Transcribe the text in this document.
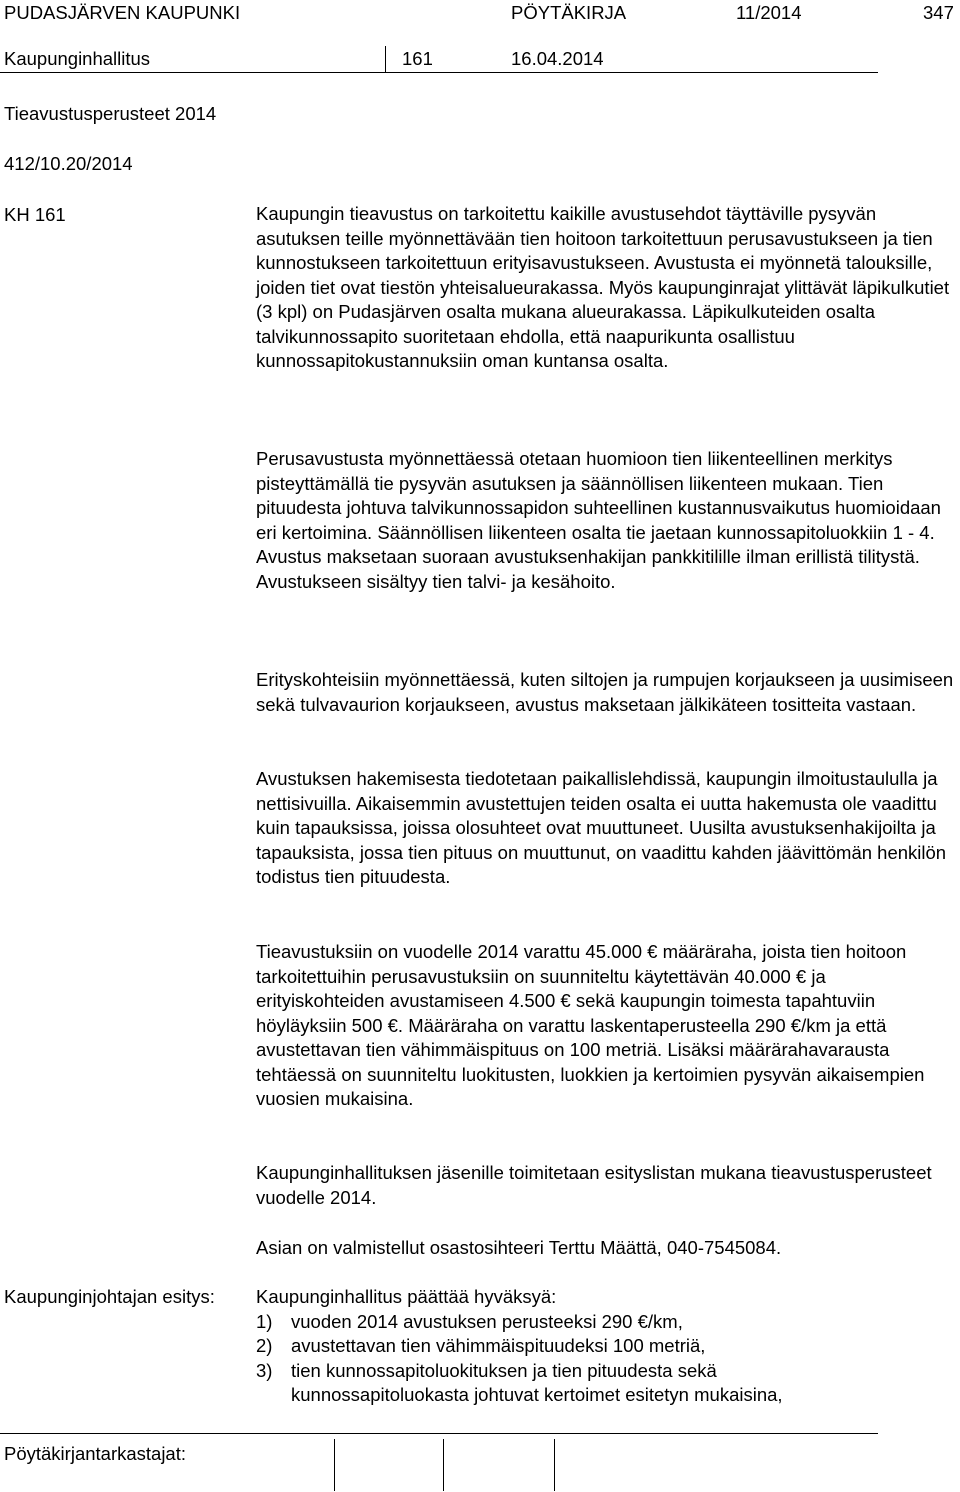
PUDASJÄRVEN KAUPUNKI	PÖYTÄKIRJA	11/2014	347
Kaupunginhallitus	161	16.04.2014
Tieavustusperusteet 2014
412/10.20/2014
KH 161	Kaupungin tieavustus on tarkoitettu kaikille avustusehdot täyttäville pysyvän asutuksen teille myönnettävään tien hoitoon tarkoitettuun perusavustukseen ja tien kunnostukseen tarkoitettuun erityisavustukseen. Avustusta ei myönnetä talouksille, joiden tiet ovat tiestön yhteisalueurakassa. Myös kaupunginrajat ylittävät läpikulkutiet (3 kpl) on Pudasjärven osalta mukana alueurakassa. Läpikulkuteiden osalta talvikunnossapito suoritetaan ehdolla, että naapurikunta osallistuu kunnossapitokustannuksiin oman kuntansa osalta.

Perusavustusta myönnettäessä otetaan huomioon tien liikenteellinen merkitys pisteyttämällä tie pysyvän asutuksen ja säännöllisen liikenteen mukaan. Tien pituudesta johtuva talvikunnossapidon suhteellinen kustannusvaikutus huomioidaan eri kertoimina. Säännöllisen liikenteen osalta tie jaetaan kunnossapitoluokkiin 1 - 4. Avustus maksetaan suoraan avustuksenhakijan pankkitilille ilman erillistä tilitystä. Avustukseen sisältyy tien talvi- ja kesähoito.

Erityskohteisiin myönnettäessä, kuten siltojen ja rumpujen korjaukseen ja uusimiseen sekä tulvavaurion korjaukseen, avustus maksetaan jälkikäteen tositteita vastaan.

Avustuksen hakemisesta tiedotetaan paikallislehdissä, kaupungin ilmoitustaululla ja nettisivuilla. Aikaisemmin avustettujen teiden osalta ei uutta hakemusta ole vaadittu kuin tapauksissa, joissa olosuhteet ovat muuttuneet. Uusilta avustuksenhakijoilta ja tapauksista, jossa tien pituus on muuttunut, on vaadittu kahden jäävittömän henkilön todistus tien pituudesta.

Tieavustuksiin on vuodelle 2014 varattu 45.000 € määräraha, joista tien hoitoon tarkoitettuihin perusavustuksiin on suunniteltu käytettävän 40.000 € ja erityiskohteiden avustamiseen 4.500 € sekä kaupungin toimesta tapahtuviin höyläyksiin 500 €. Määräraha on varattu laskentaperusteella 290 €/km ja että avustettavan tien vähimmäispituus on 100 metriä. Lisäksi määrärahavarausta tehtäessä on suunniteltu luokitusten, luokkien ja kertoimien pysyvän aikaisempien vuosien mukaisina.

Kaupunginhallituksen jäsenille toimitetaan esityslistan mukana tieavustusperusteet vuodelle 2014.

Asian on valmistellut osastosihteeri Terttu Määttä, 040-7545084.

Kaupunginjohtajan esitys: Kaupunginhallitus päättää hyväksyä:
1) vuoden 2014 avustuksen perusteeksi 290 €/km,
2) avustettavan tien vähimmäispituudeksi 100 metriä,
3) tien kunnossapitoluokituksen ja tien pituudesta sekä
kunnossapitoluokasta johtuvat kertoimet esitetyn mukaisina,
Pöytäkirjantarkastajat:
